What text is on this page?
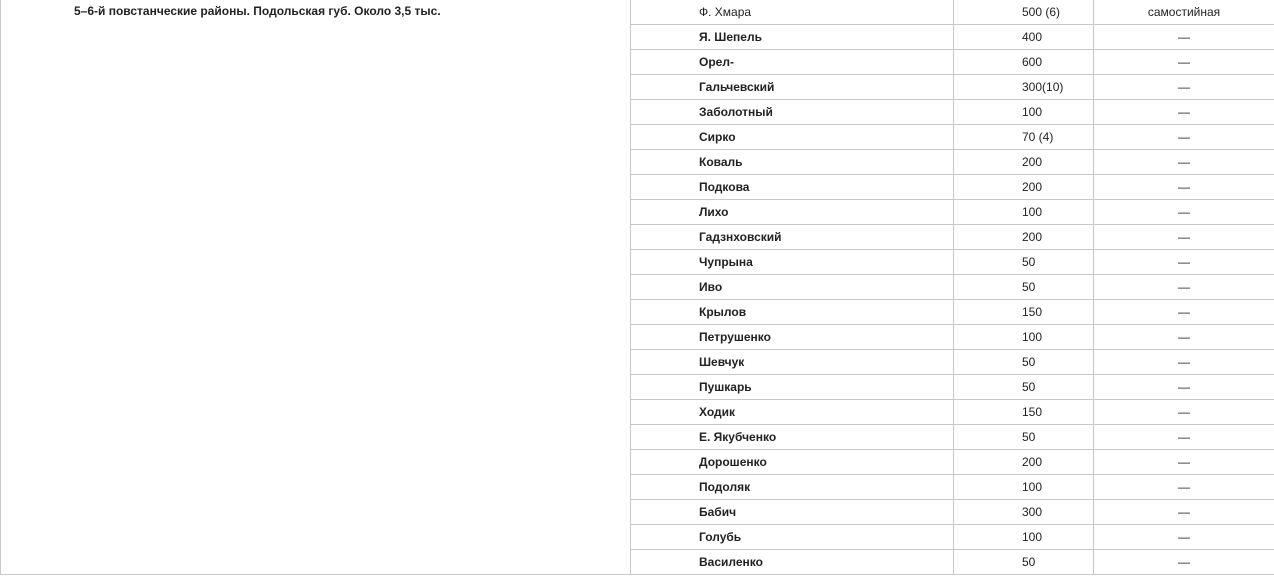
5–6-й повстанческие районы. Подольская губ. Около 3,5 тыс.	Ф. Хмара	500 (6)	самостийная
	Я. Шепель	400	—
	Орел-	600	—
	Гальчевский	300(10)	—
	Заболотный	100	—
	Сирко	70 (4)	—
	Коваль	200	—
	Подкова	200	—
	Лихо	100	—
	Гадзнховский	200	—
	Чупрына	50	—
	Иво	50	—
	Крылов	150	—
	Петрушенко	100	—
	Шевчук	50	—
	Пушкарь	50	—
	Ходик	150	—
	Е. Якубченко	50	—
	Дорошенко	200	—
	Подоляк	100	—
	Бабич	300	—
	Голубь	100	—
	Василенко	50	—
